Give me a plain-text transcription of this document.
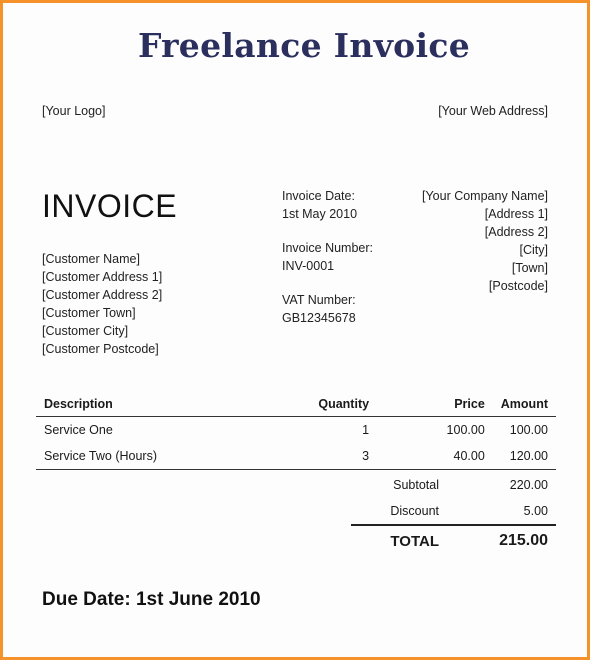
Freelance Invoice
[Your Logo]	[Your Web Address]
INVOICE
[Customer Name]
[Customer Address 1]
[Customer Address 2]
[Customer Town]
[Customer City]
[Customer Postcode]
Invoice Date:
1st May 2010
Invoice Number:
INV-0001
VAT Number:
GB12345678
[Your Company Name]
[Address 1]
[Address 2]
[City]
[Town]
[Postcode]
Description	Quantity	Price	Amount
Service One	1	100.00	100.00
Service Two (Hours)	3	40.00	120.00
Subtotal	220.00
Discount	5.00
TOTAL	215.00
Due Date: 1st June 2010
